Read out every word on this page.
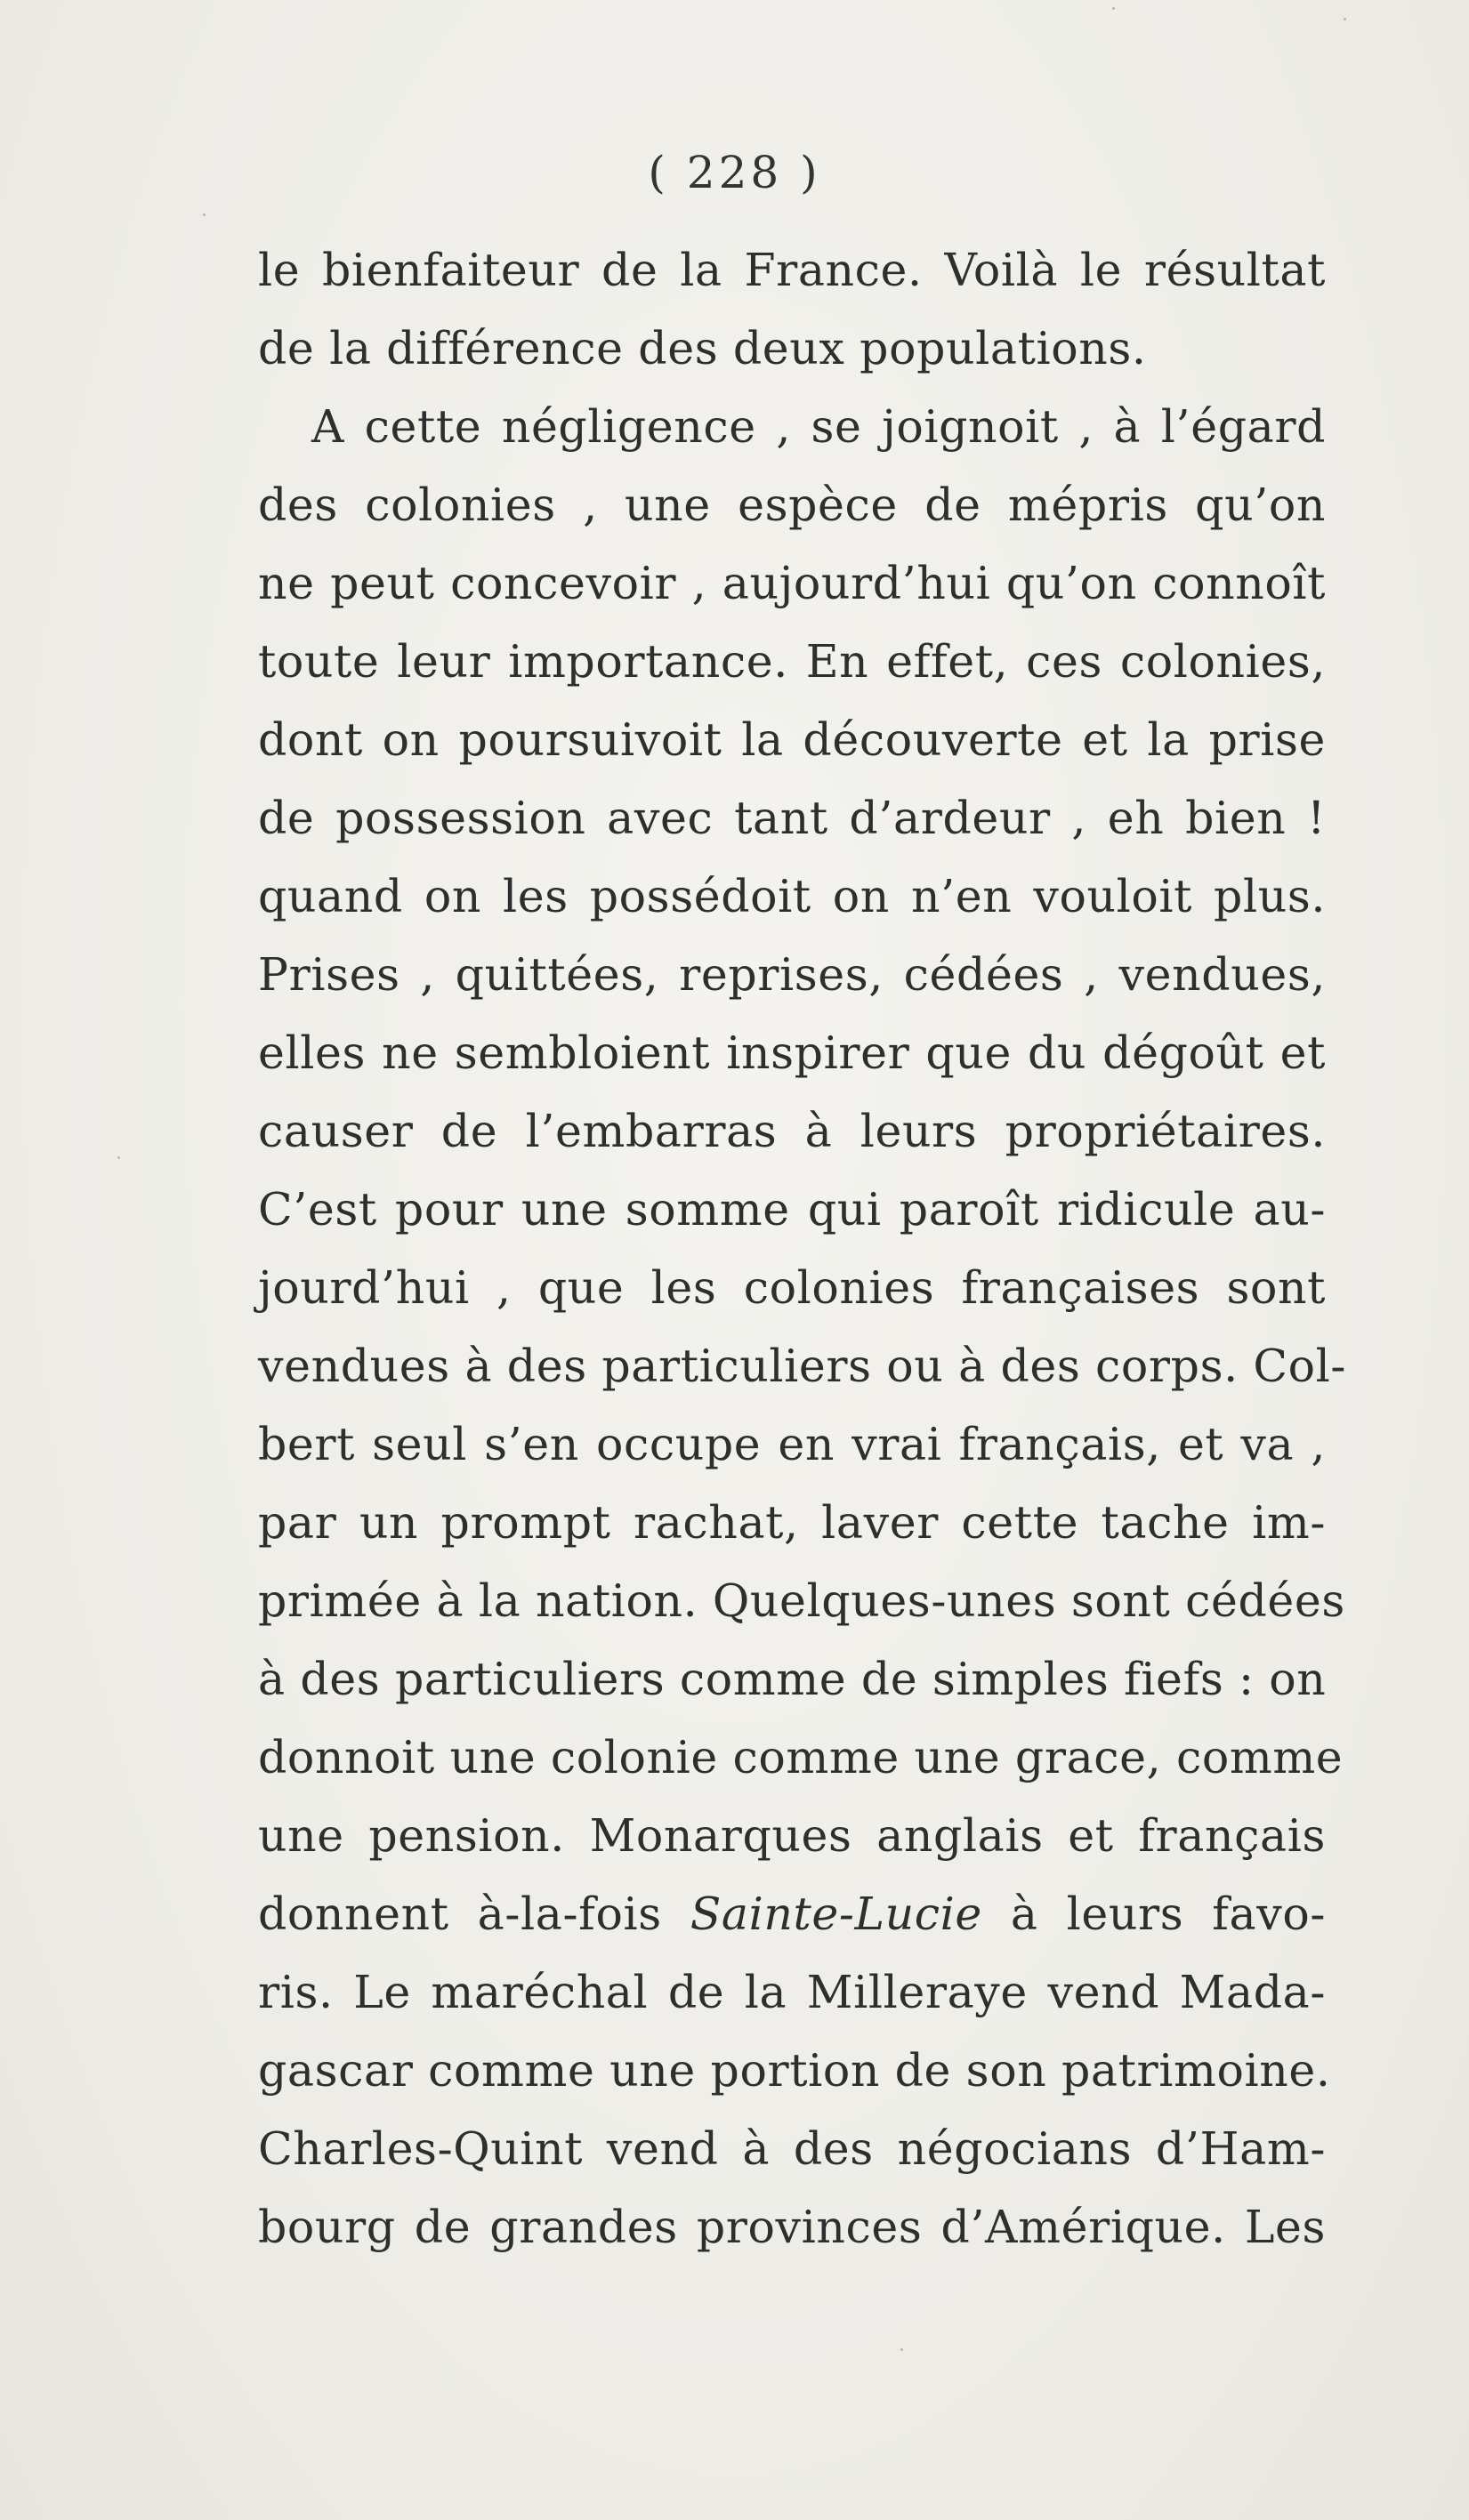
( 228 )
le bienfaiteur de la France. Voilà le résultat
de la différence des deux populations.
A cette négligence , se joignoit , à l’égard
des colonies , une espèce de mépris qu’on
ne peut concevoir , aujourd’hui qu’on connoît
toute leur importance. En effet, ces colonies,
dont on poursuivoit la découverte et la prise
de possession avec tant d’ardeur , eh bien !
quand on les possédoit on n’en vouloit plus.
Prises , quittées, reprises, cédées , vendues,
elles ne sembloient inspirer que du dégoût et
causer de l’embarras à leurs propriétaires.
C’est pour une somme qui paroît ridicule au-
jourd’hui , que les colonies françaises sont
vendues à des particuliers ou à des corps. Col-
bert seul s’en occupe en vrai français, et va ,
par un prompt rachat, laver cette tache im-
primée à la nation. Quelques-unes sont cédées
à des particuliers comme de simples fiefs : on
donnoit une colonie comme une grace, comme
une pension. Monarques anglais et français
donnent à-la-fois Sainte-Lucie à leurs favo-
ris. Le maréchal de la Milleraye vend Mada-
gascar comme une portion de son patrimoine.
Charles-Quint vend à des négocians d’Ham-
bourg de grandes provinces d’Amérique. Les
